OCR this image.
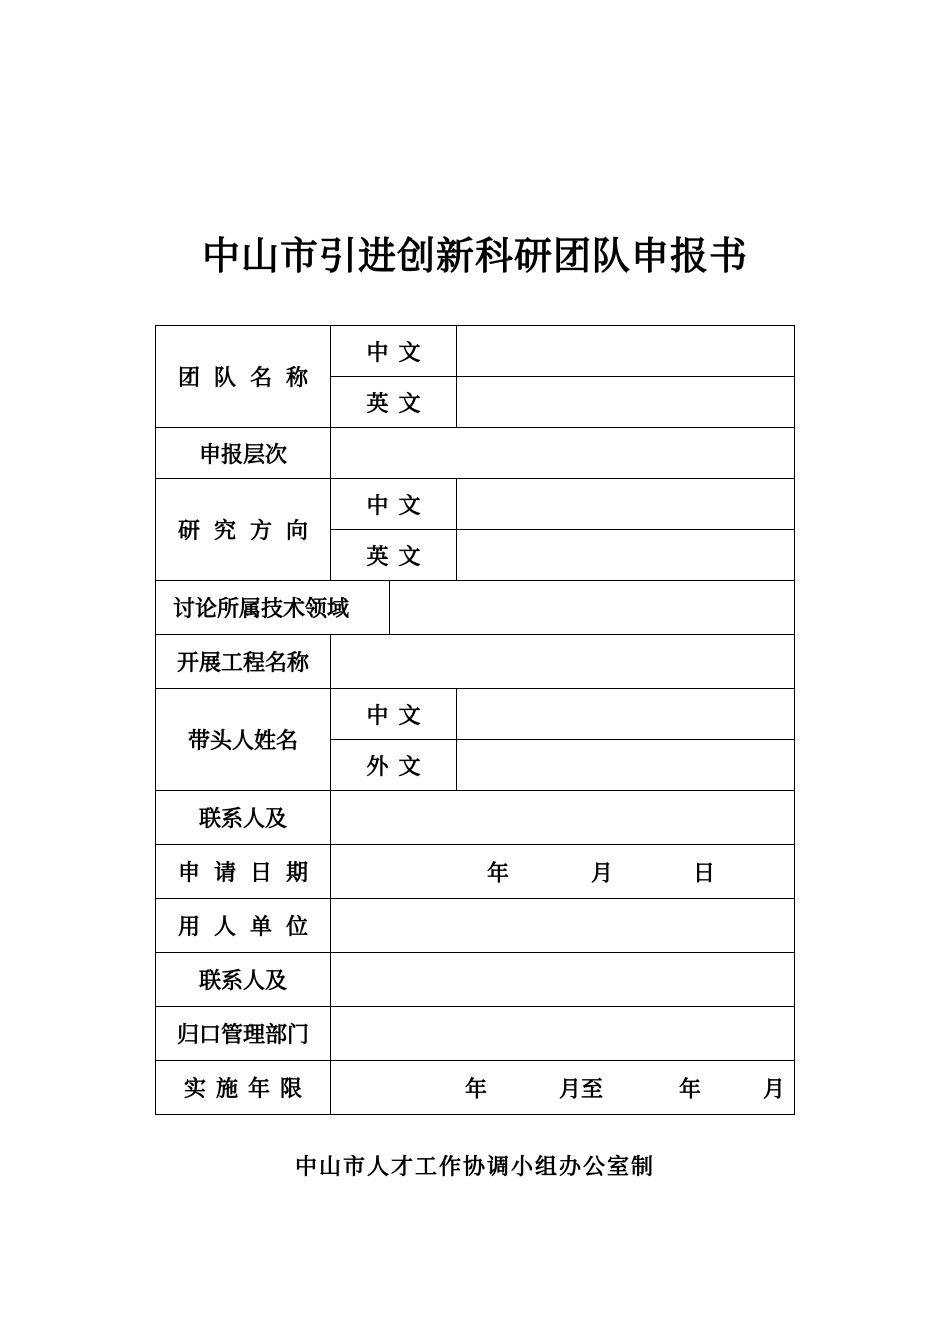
中山市引进创新科研团队申报书
团队名称	中文		
	英文		
申报层次			
研究方向	中文		
	英文		
讨论所属技术领域			
开展工程名称			
带头人姓名	中文		
	外文		
联系人及			
申请日期	年 月 日		

用人单位			
联系人及			
归口管理部门			
实施年限	年 月至 年 月		
中山市人才工作协调小组办公室制
